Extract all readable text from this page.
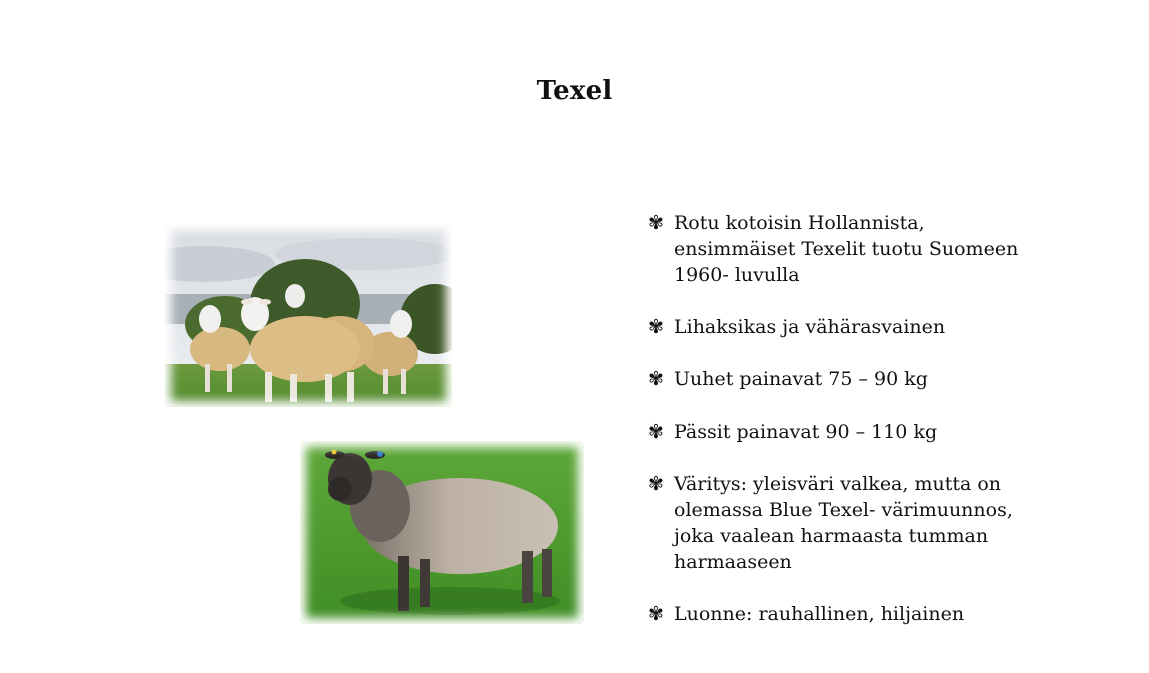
Texel
✾ Rotu kotoisin Hollannista, ensimmäiset Texelit tuotu Suomeen 1960- luvulla
✾ Lihaksikas ja vähärasvainen
✾ Uuhet painavat 75 – 90 kg
✾ Pässit painavat 90 – 110 kg
✾ Väritys: yleisväri valkea, mutta on olemassa Blue Texel- värimuunnos, joka vaalean harmaasta tumman harmaaseen
✾ Luonne: rauhallinen, hiljainen
